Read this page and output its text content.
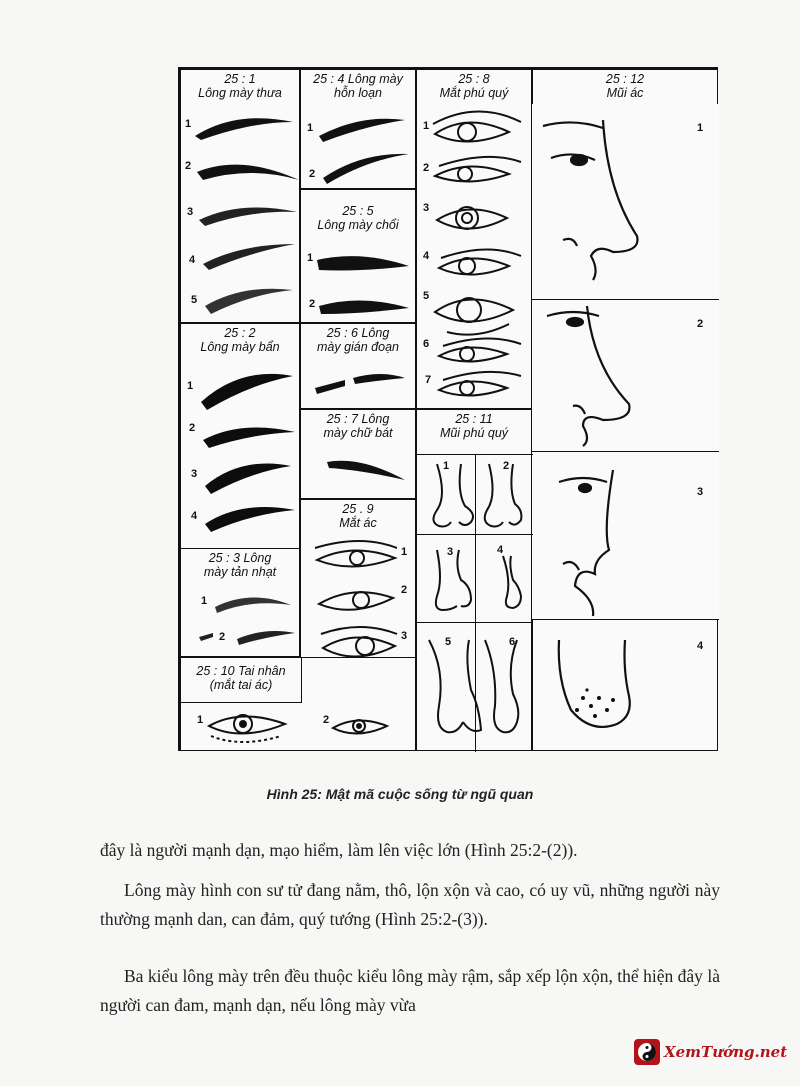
25 : 1
Lông mày thưa
1
2
3
4
5
25 : 4 Lông mày
hỗn loạn
1
2
25 : 8
Mắt phú quý
1
2
3
4
5
6
7
25 : 12
Mũi ác
1
2
3
4
25 : 5
Lông mày chổi
1
2
25 : 2
Lông mày bẩn
1
2
3
4
25 : 6 Lông
mày gián đoạn
25 : 7 Lông
mày chữ bát
25 : 11
Mũi phú quý
1	2
3	4
5	6
25 . 9
Mắt ác
1
2
3
25 : 3 Lông
mày tản nhạt
1
2
25 : 10 Tai nhân
(mắt tai ác)
1	2
Hình 25: Mật mã cuộc sống từ ngũ quan

đây là người mạnh dạn, mạo hiểm, làm lên việc lớn (Hình 25:2-(2)).

Lông mày hình con sư tử đang nằm, thô, lộn xộn và cao, có uy vũ, những người này thường mạnh dan, can đảm, quý tướng (Hình 25:2-(3)).

Ba kiểu lông mày trên đều thuộc kiểu lông mày rậm, sắp xếp lộn xộn, thể hiện đây là người can đam, mạnh dạn, nếu lông mày vừa

XemTướng.net
